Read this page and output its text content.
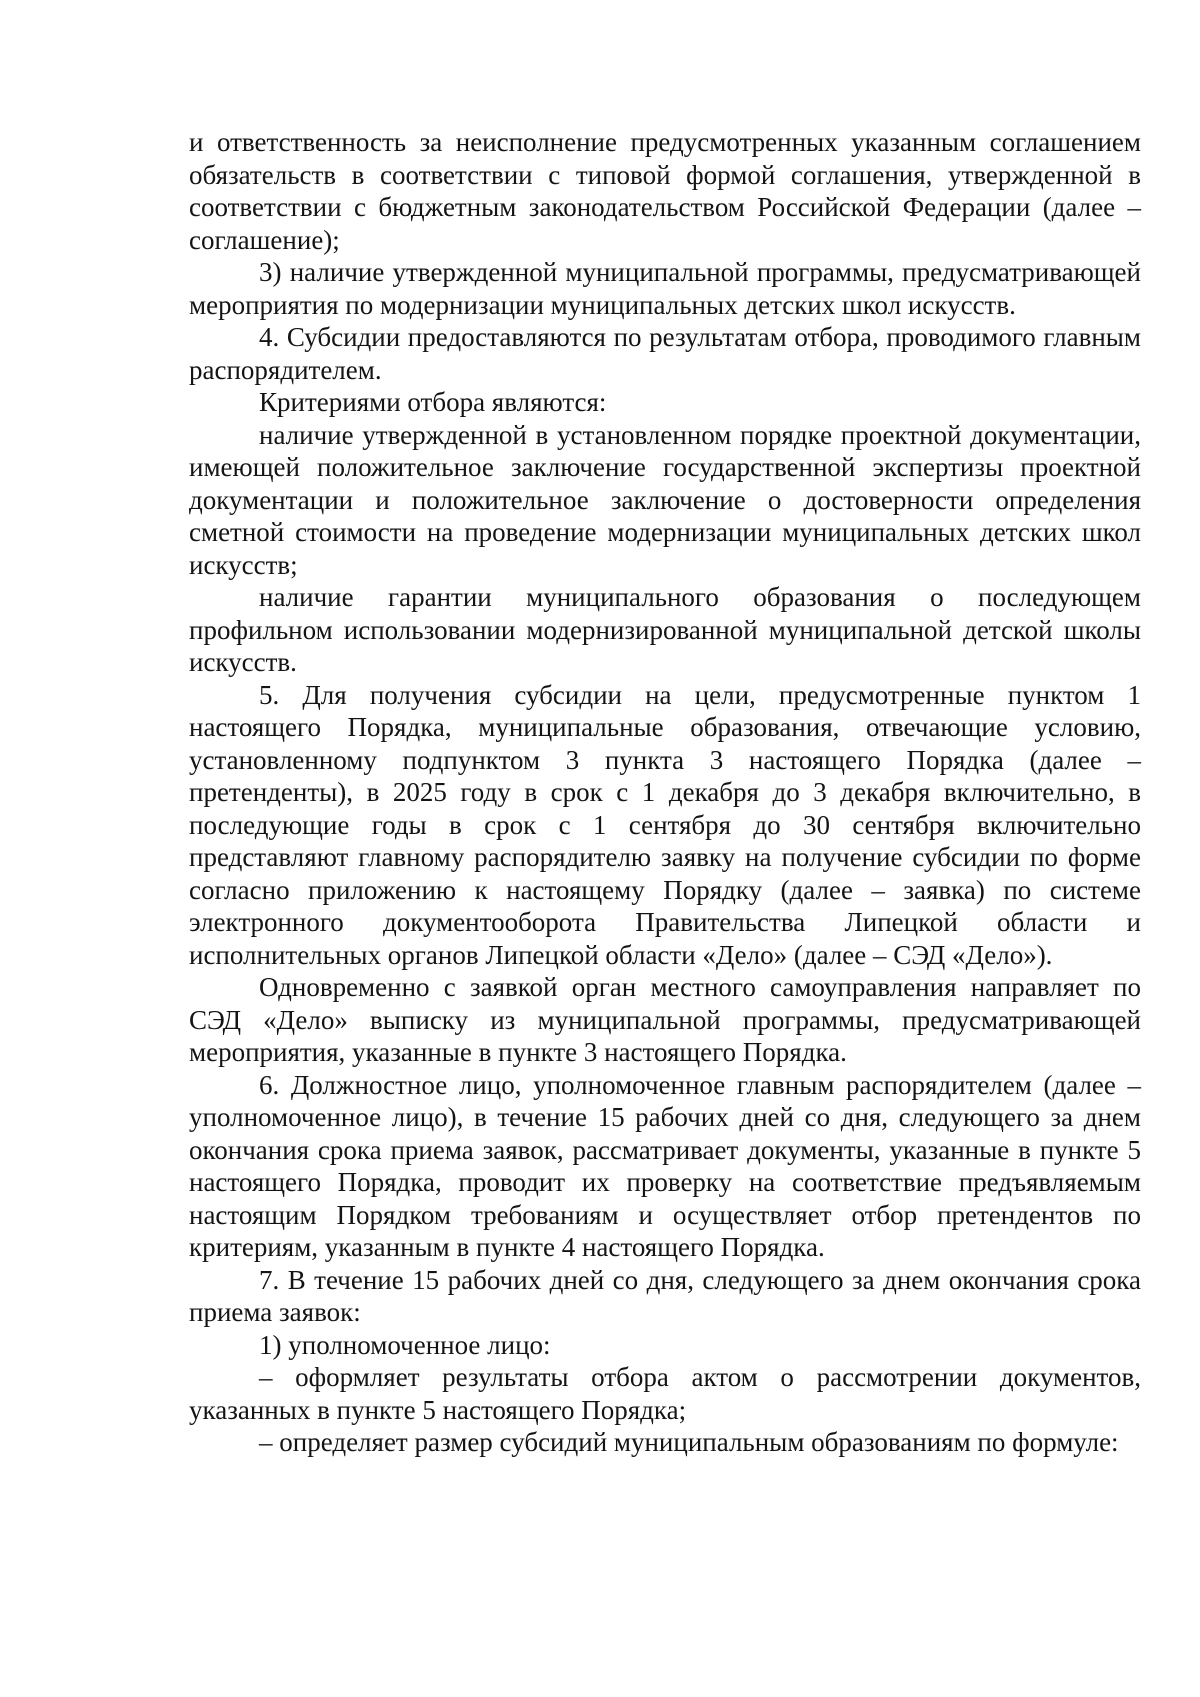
и ответственность за неисполнение предусмотренных указанным соглашением обязательств в соответствии с типовой формой соглашения, утвержденной в соответствии с бюджетным законодательством Российской Федерации (далее – соглашение);

3) наличие утвержденной муниципальной программы, предусматривающей мероприятия по модернизации муниципальных детских школ искусств.

4. Субсидии предоставляются по результатам отбора, проводимого главным распорядителем.

Критериями отбора являются:

наличие утвержденной в установленном порядке проектной документации, имеющей положительное заключение государственной экспертизы проектной документации и положительное заключение о достоверности определения сметной стоимости на проведение модернизации муниципальных детских школ искусств;

наличие гарантии муниципального образования о последующем профильном использовании модернизированной муниципальной детской школы искусств.

5. Для получения субсидии на цели, предусмотренные пунктом 1 настоящего Порядка, муниципальные образования, отвечающие условию, установленному подпунктом 3 пункта 3 настоящего Порядка (далее – претенденты), в 2025 году в срок с 1 декабря до 3 декабря включительно, в последующие годы в срок с 1 сентября до 30 сентября включительно представляют главному распорядителю заявку на получение субсидии по форме согласно приложению к настоящему Порядку (далее – заявка) по системе электронного документооборота Правительства Липецкой области и исполнительных органов Липецкой области «Дело» (далее – СЭД «Дело»).

Одновременно с заявкой орган местного самоуправления направляет по СЭД «Дело» выписку из муниципальной программы, предусматривающей мероприятия, указанные в пункте 3 настоящего Порядка.

6. Должностное лицо, уполномоченное главным распорядителем (далее – уполномоченное лицо), в течение 15 рабочих дней со дня, следующего за днем окончания срока приема заявок, рассматривает документы, указанные в пункте 5 настоящего Порядка, проводит их проверку на соответствие предъявляемым настоящим Порядком требованиям и осуществляет отбор претендентов по критериям, указанным в пункте 4 настоящего Порядка.

7. В течение 15 рабочих дней со дня, следующего за днем окончания срока приема заявок:

1) уполномоченное лицо:

– оформляет результаты отбора актом о рассмотрении документов, указанных в пункте 5 настоящего Порядка;

– определяет размер субсидий муниципальным образованиям по формуле:
